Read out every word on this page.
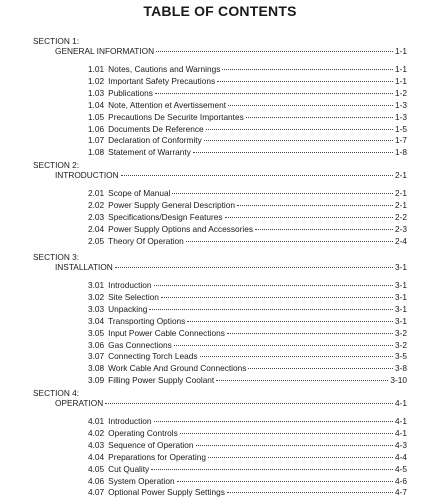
TABLE OF CONTENTS
SECTION 1:
GENERAL INFORMATION	1-1
1.01 Notes, Cautions and Warnings	1-1
1.02 Important Safety Precautions	1-1
1.03 Publications	1-2
1.04 Note, Attention et Avertissement	1-3
1.05 Precautions De Securite Importantes	1-3
1.06 Documents De Reference	1-5
1.07 Declaration of Conformity	1-7
1.08 Statement of Warranty	1-8
SECTION 2:
INTRODUCTION	2-1
2.01 Scope of Manual	2-1
2.02 Power Supply General Description	2-1
2.03 Specifications/Design Features	2-2
2.04 Power Supply Options and Accessories	2-3
2.05 Theory Of Operation	2-4
SECTION 3:
INSTALLATION	3-1
3.01 Introduction	3-1
3.02 Site Selection	3-1
3.03 Unpacking	3-1
3.04 Transporting Options	3-1
3.05 Input Power Cable Connections	3-2
3.06 Gas Connections	3-2
3.07 Connecting Torch Leads	3-5
3.08 Work Cable And Ground Connections	3-8
3.09 Filling Power Supply Coolant	3-10
SECTION 4:
OPERATION	4-1
4.01 Introduction	4-1
4.02 Operating Controls	4-1
4.03 Sequence of Operation	4-3
4.04 Preparations for Operating	4-4
4.05 Cut Quality	4-5
4.06 System Operation	4-6
4.07 Optional Power Supply Settings	4-7
